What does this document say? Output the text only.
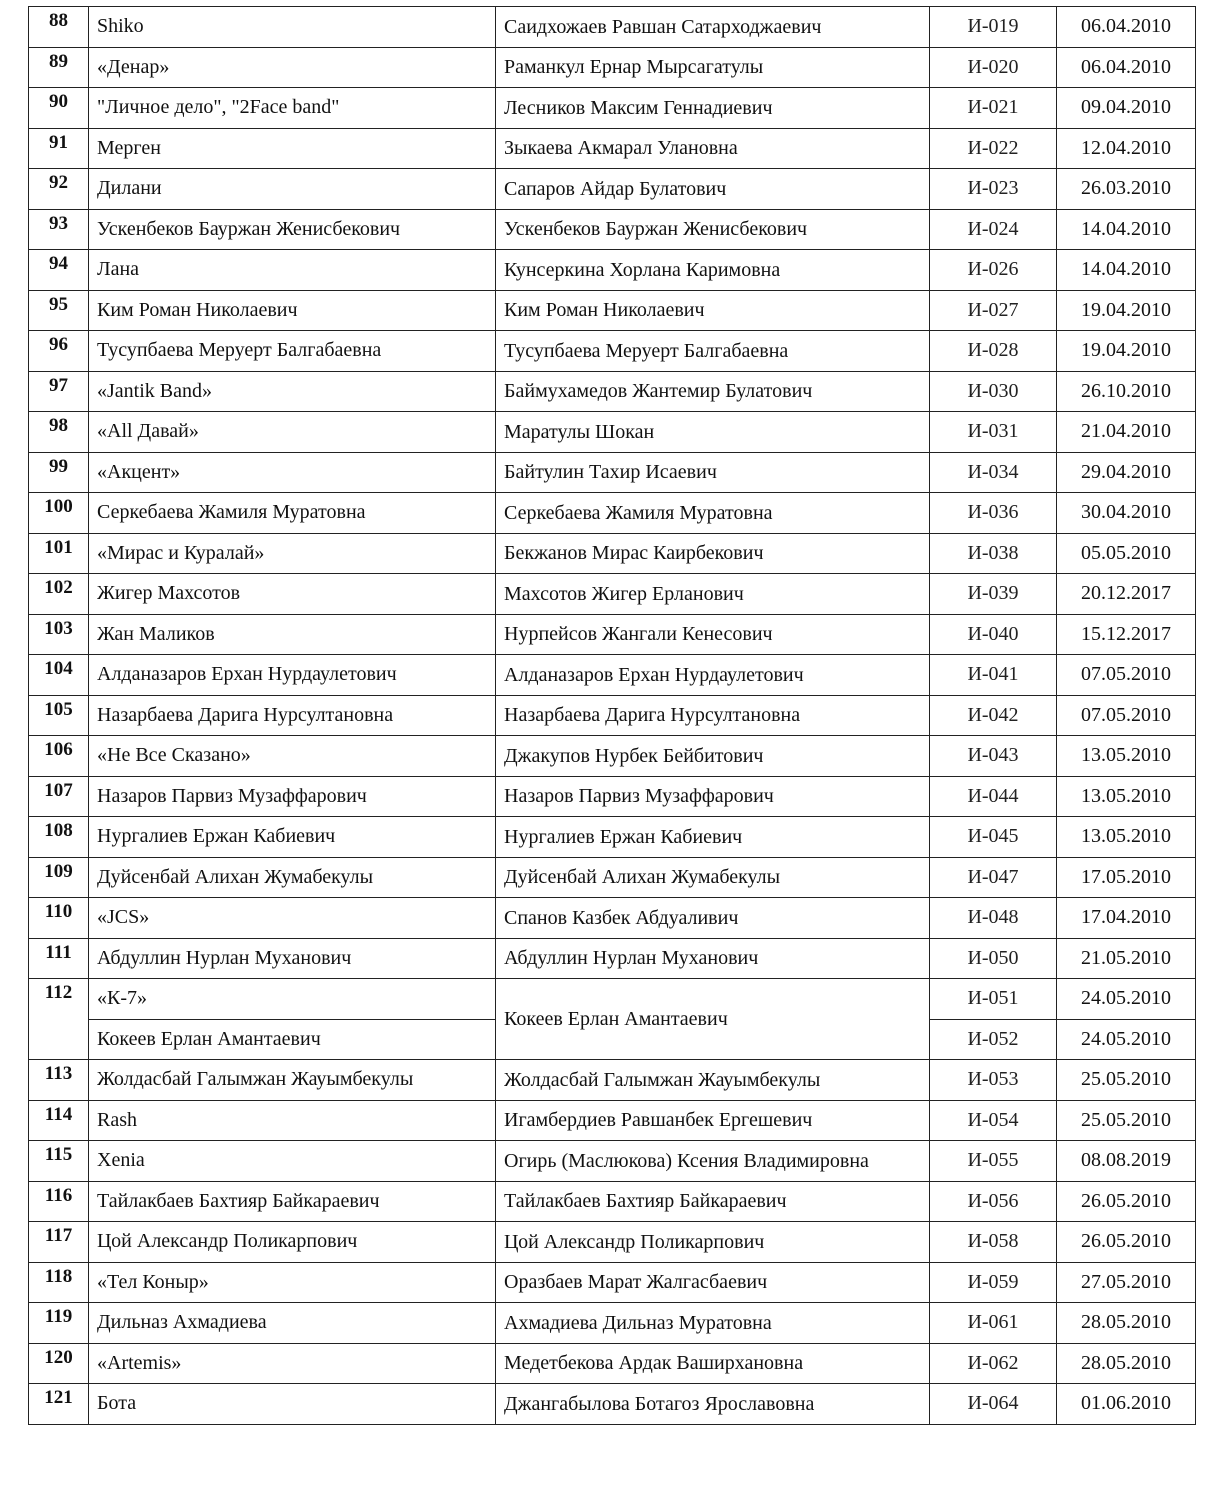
88	Shiko	Саидхожаев Равшан Сатарходжаевич	И-019	06.04.2010
89	«Денар»	Раманкул Ернар Мырсагатулы	И-020	06.04.2010
90	"Личное дело", "2Face band"	Лесников Максим Геннадиевич	И-021	09.04.2010
91	Мерген	Зыкаева Акмарал Улановна	И-022	12.04.2010
92	Дилани	Сапаров Айдар Булатович	И-023	26.03.2010
93	Ускенбеков Бауржан Женисбекович	Ускенбеков Бауржан Женисбекович	И-024	14.04.2010
94	Лана	Кунсеркина Хорлана Каримовна	И-026	14.04.2010
95	Ким Роман Николаевич	Ким Роман Николаевич	И-027	19.04.2010
96	Тусупбаева Меруерт Балгабаевна	Тусупбаева Меруерт Балгабаевна	И-028	19.04.2010
97	«Jantik Band»	Баймухамедов Жантемир Булатович	И-030	26.10.2010
98	«All Давай»	Маратулы Шокан	И-031	21.04.2010
99	«Акцент»	Байтулин Тахир Исаевич	И-034	29.04.2010
100	Серкебаева Жамиля Муратовна	Серкебаева Жамиля Муратовна	И-036	30.04.2010
101	«Мирас и Куралай»	Бекжанов Мирас Каирбекович	И-038	05.05.2010
102	Жигер Махсотов	Махсотов Жигер Ерланович	И-039	20.12.2017
103	Жан Маликов	Нурпейсов Жангали Кенесович	И-040	15.12.2017
104	Алданазаров Ерхан Нурдаулетович	Алданазаров Ерхан Нурдаулетович	И-041	07.05.2010
105	Назарбаева Дарига Нурсултановна	Назарбаева Дарига Нурсултановна	И-042	07.05.2010
106	«Не Все Сказано»	Джакупов Нурбек Бейбитович	И-043	13.05.2010
107	Назаров Парвиз Музаффарович	Назаров Парвиз Музаффарович	И-044	13.05.2010
108	Нургалиев Ержан Кабиевич	Нургалиев Ержан Кабиевич	И-045	13.05.2010
109	Дуйсенбай Алихан Жумабекулы	Дуйсенбай Алихан Жумабекулы	И-047	17.05.2010
110	«JCS»	Спанов Казбек Абдуаливич	И-048	17.04.2010
111	Абдуллин Нурлан Муханович	Абдуллин Нурлан Муханович	И-050	21.05.2010
112	«К-7»	Кокеев Ерлан Амантаевич	И-051	24.05.2010
	Кокеев Ерлан Амантаевич		И-052	24.05.2010
113	Жолдасбай Галымжан Жауымбекулы	Жолдасбай Галымжан Жауымбекулы	И-053	25.05.2010
114	Rash	Игамбердиев Равшанбек Ергешевич	И-054	25.05.2010
115	Xenia	Огирь (Маслюкова) Ксения Владимировна	И-055	08.08.2019
116	Тайлакбаев Бахтияр Байкараевич	Тайлакбаев Бахтияр Байкараевич	И-056	26.05.2010
117	Цой Александр Поликарпович	Цой Александр Поликарпович	И-058	26.05.2010
118	«Тел Коныр»	Оразбаев Марат Жалгасбаевич	И-059	27.05.2010
119	Дильназ Ахмадиева	Ахмадиева Дильназ Муратовна	И-061	28.05.2010
120	«Artemis»	Медетбекова Ардак Ваширхановна	И-062	28.05.2010
121	Бота	Джангабылова Ботагоз Ярославовна	И-064	01.06.2010
